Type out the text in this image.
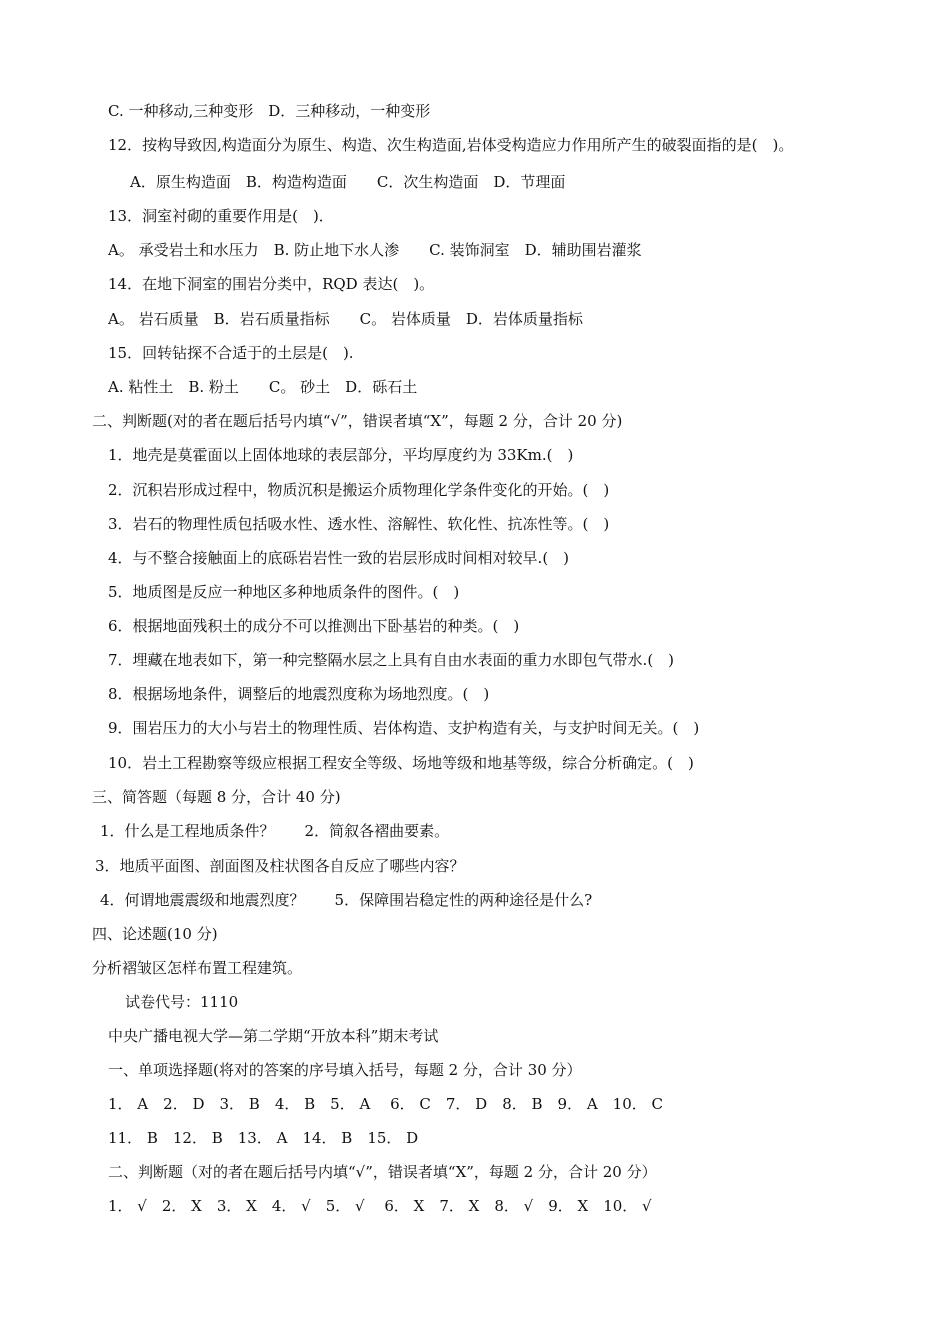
C. 一种移动,三种变形　D．三种移动，一种变形
12．按构导致因,构造面分为原生、构造、次生构造面,岩体受构造应力作用所产生的破裂面指的是(　)。
A．原生构造面　B．构造构造面　　C．次生构造面　D．节理面
13．洞室衬砌的重要作用是(　)．
A。 承受岩土和水压力　B. 防止地下水人渗　　C. 装饰洞室　D．辅助围岩灌浆
14．在地下洞室的围岩分类中，RQD 表达(　)。
A。 岩石质量　B．岩石质量指标　　C。 岩体质量　D．岩体质量指标
15．回转钻探不合适于的土层是(　).
A. 粘性土　B. 粉土　　C。 砂土　D．砾石土
二、判断题(对的者在题后括号内填“√”，错误者填“X”，每题 2 分，合计 20 分)
1．地壳是莫霍面以上固体地球的表层部分，平均厚度约为 33Km.(　)
2．沉积岩形成过程中，物质沉积是搬运介质物理化学条件变化的开始。(　)
3．岩石的物理性质包括吸水性、透水性、溶解性、软化性、抗冻性等。(　)
4．与不整合接触面上的底砾岩岩性一致的岩层形成时间相对较早.(　)
5．地质图是反应一种地区多种地质条件的图件。(　)
6．根据地面残积土的成分不可以推测出下卧基岩的种类。(　)
7．埋藏在地表如下，第一种完整隔水层之上具有自由水表面的重力水即包气带水.(　)
8．根据场地条件，调整后的地震烈度称为场地烈度。(　)
9．围岩压力的大小与岩土的物理性质、岩体构造、支护构造有关，与支护时间无关。(　)
10．岩土工程勘察等级应根据工程安全等级、场地等级和地基等级，综合分析确定。(　)
三、简答题（每题 8 分，合计 40 分)
1．什么是工程地质条件？　　2．简叙各褶曲要素。
3．地质平面图、剖面图及柱状图各自反应了哪些内容？
4．何谓地震震级和地震烈度？　　5．保障围岩稳定性的两种途径是什么?
四、论述题(10 分)
分析褶皱区怎样布置工程建筑。
试卷代号：1110
中央广播电视大学—第二学期“开放本科”期末考试
一、单项选择题(将对的答案的序号填入括号，每题 2 分，合计 30 分）
1． A　2． D　3． B　4． B　5． A　 6． C　7． D　8． B　9． A　10． C
11． B　12． B　13． A　14． B　15． D
二、判断题（对的者在题后括号内填“√”，错误者填“X”，每题 2 分，合计 20 分）
1． √　2． X　3． X　4． √　5． √　 6． X　7． X　8． √　9． X　10． √
